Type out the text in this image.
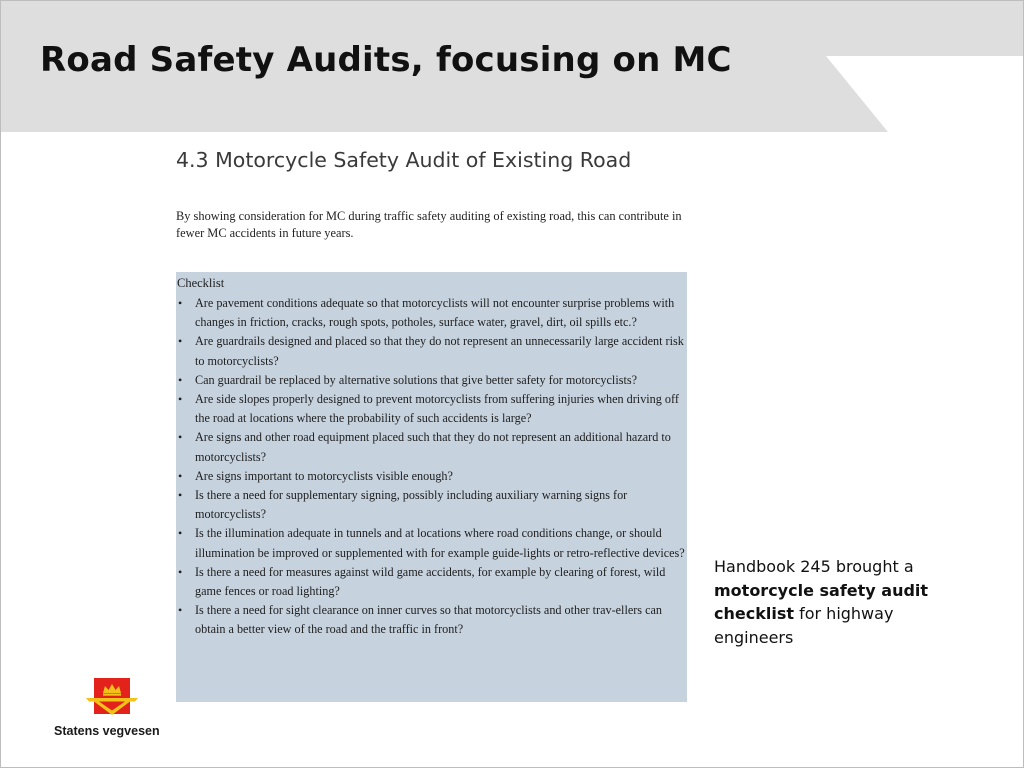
Road Safety Audits, focusing on MC
4.3 Motorcycle Safety Audit of Existing Road

By showing consideration for MC during traffic safety auditing of existing road, this can contribute in fewer MC accidents in future years.

Checklist
• Are pavement conditions adequate so that motorcyclists will not encounter surprise problems with changes in friction, cracks, rough spots, potholes, surface water, gravel, dirt, oil spills etc.?
• Are guardrails designed and placed so that they do not represent an unnecessarily large accident risk to motorcyclists?
• Can guardrail be replaced by alternative solutions that give better safety for motorcyclists?
• Are side slopes properly designed to prevent motorcyclists from suffering injuries when driving off the road at locations where the probability of such accidents is large?
• Are signs and other road equipment placed such that they do not represent an additional hazard to motorcyclists?
• Are signs important to motorcyclists visible enough?
• Is there a need for supplementary signing, possibly including auxiliary warning signs for motorcyclists?
• Is the illumination adequate in tunnels and at locations where road conditions change, or should illumination be improved or supplemented with for example guide-lights or retro-reflective devices?
• Is there a need for measures against wild game accidents, for example by clearing of forest, wild game fences or road lighting?
• Is there a need for sight clearance on inner curves so that motorcyclists and other trav-ellers can obtain a better view of the road and the traffic in front?

Handbook 245 brought a motorcycle safety audit checklist for highway engineers

Statens vegvesen
